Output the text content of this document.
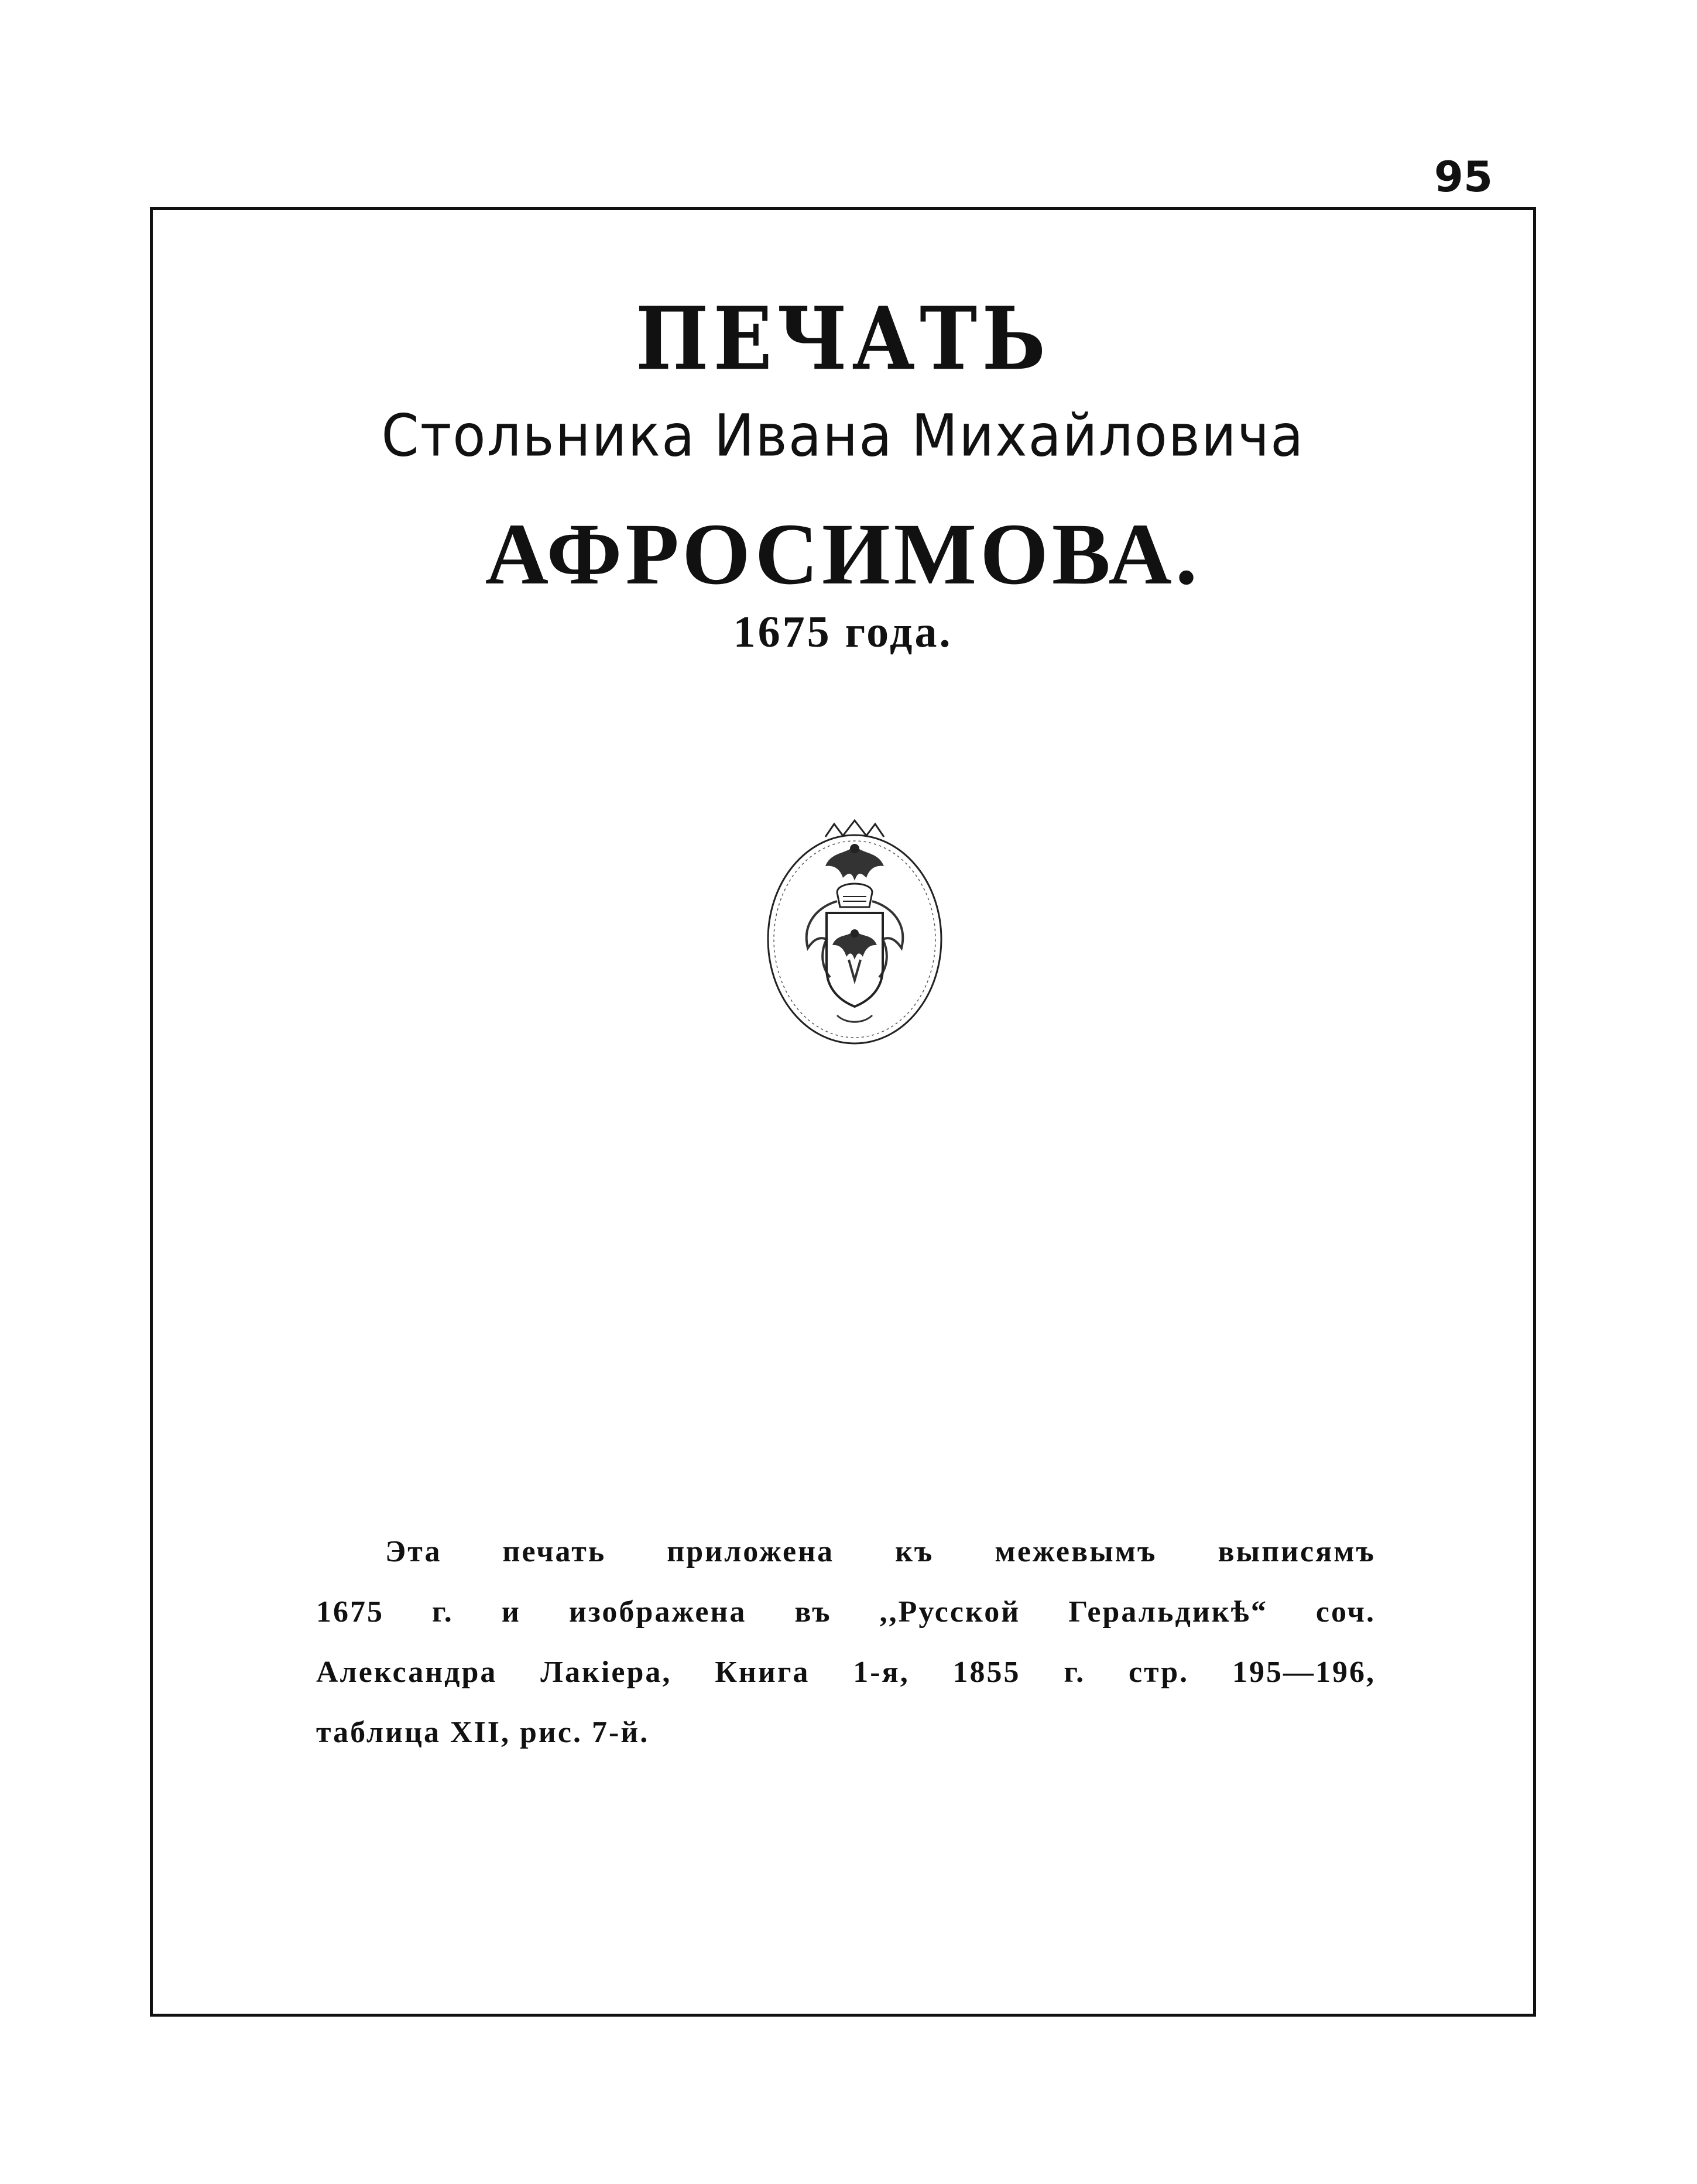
95
ПЕЧАТЬ
Стольника Ивана Михайловича
АФРОСИМОВА.
1675 года.
Эта печать приложена къ межевымъ выписямъ
1675 г. и изображена въ ,,Русской Геральдикѣ“ соч.
Александра Лакіера, Книга 1-я, 1855 г. стр. 195—196,
таблица XII, рис. 7-й.
